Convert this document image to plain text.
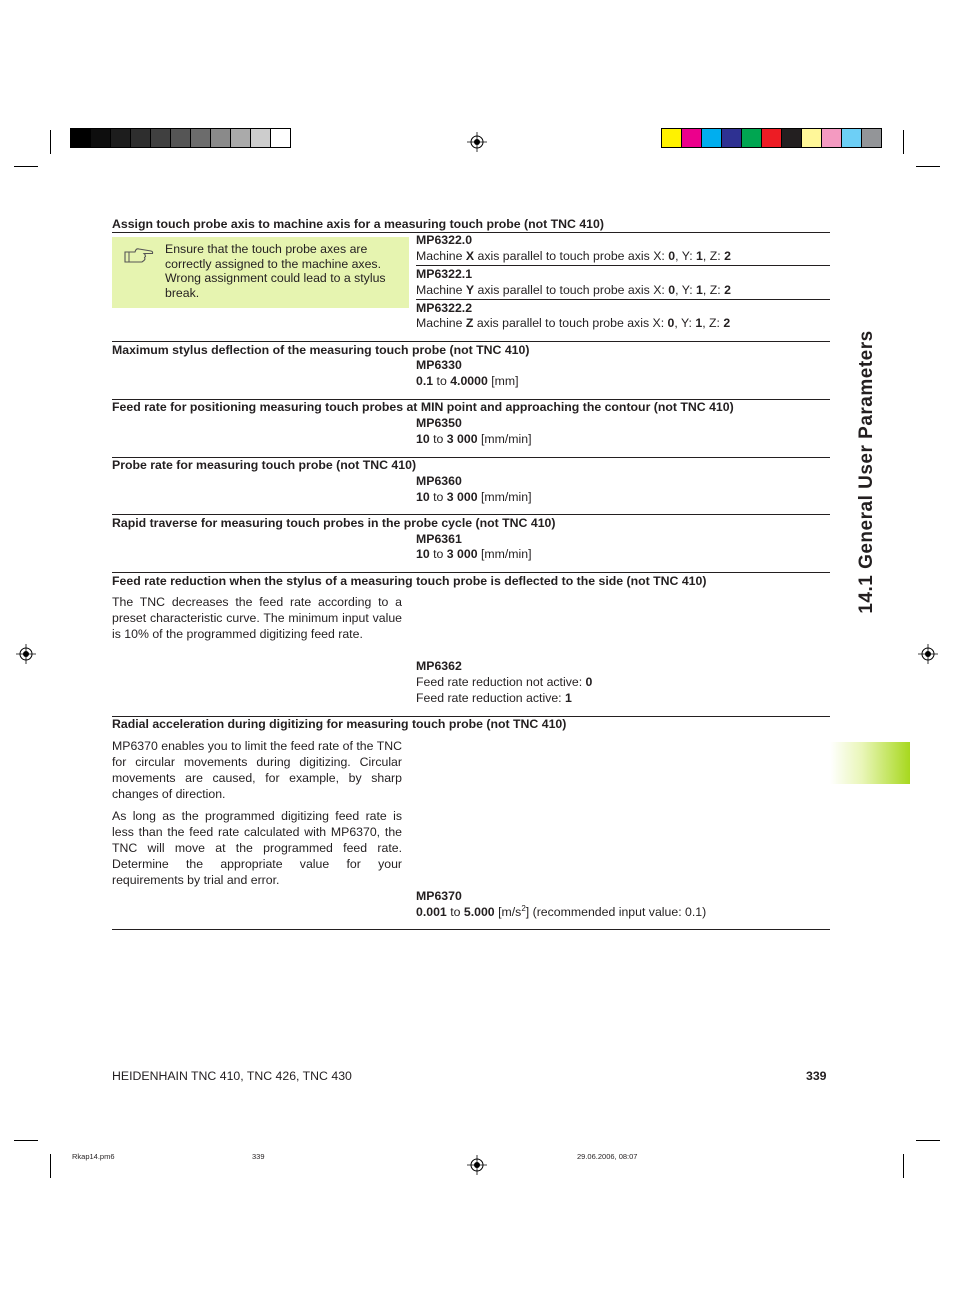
14.1 General User Parameters
Assign touch probe axis to machine axis for a measuring touch probe (not TNC 410)
Ensure that the touch probe axes are correctly assigned to the machine axes. Wrong assignment could lead to a stylus break.
MP6322.0
Machine X axis parallel to touch probe axis X: 0, Y: 1, Z: 2
MP6322.1
Machine Y axis parallel to touch probe axis X: 0, Y: 1, Z: 2
MP6322.2
Machine Z axis parallel to touch probe axis X: 0, Y: 1, Z: 2
Maximum stylus deflection of the measuring touch probe (not TNC 410)
MP6330
0.1 to 4.0000 [mm]
Feed rate for positioning measuring touch probes at MIN point and approaching the contour (not TNC 410)
MP6350
10 to 3 000 [mm/min]
Probe rate for measuring touch probe (not TNC 410)
MP6360
10 to 3 000 [mm/min]
Rapid traverse for measuring touch probes in the probe cycle (not TNC 410)
MP6361
10 to 3 000 [mm/min]
Feed rate reduction when the stylus of a measuring touch probe is deflected to the side (not TNC 410)
The TNC decreases the feed rate according to a preset characteristic curve. The minimum input value is 10% of the programmed digitizing feed rate.
MP6362
Feed rate reduction not active: 0
Feed rate reduction active: 1
Radial acceleration during digitizing for measuring touch probe (not TNC 410)
MP6370 enables you to limit the feed rate of the TNC for circular movements during digitizing. Circular movements are caused, for example, by sharp changes of direction.
As long as the programmed digitizing feed rate is less than the feed rate calculated with MP6370, the TNC will move at the programmed feed rate. Determine the appropriate value for your requirements by trial and error.
MP6370
0.001 to 5.000 $[m/s^2]$ (recommended input value: 0.1)
HEIDENHAIN TNC 410, TNC 426, TNC 430	339
Rkap14.pm6	339	29.06.2006, 08:07
